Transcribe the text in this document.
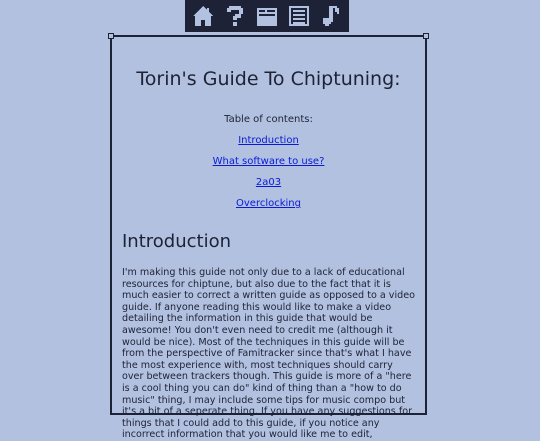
Torin's Guide To Chiptuning:
Table of contents:
Introduction
What software to use?
2a03
Overclocking
Introduction
I'm making this guide not only due to a lack of educational resources for chiptune, but also due to the fact that it is much easier to correct a written guide as opposed to a video guide. If anyone reading this would like to make a video detailing the information in this guide that would be awesome! You don't even need to credit me (although it would be nice). Most of the techniques in this guide will be from the perspective of Famitracker since that's what I have the most experience with, most techniques should carry over between trackers though. This guide is more of a "here is a cool thing you can do" kind of thing than a "how to do music" thing, I may include some tips for music compo but it's a bit of a seperate thing. If you have any suggestions for things that I could add to this guide, if you notice any incorrect information that you would like me to edit,
